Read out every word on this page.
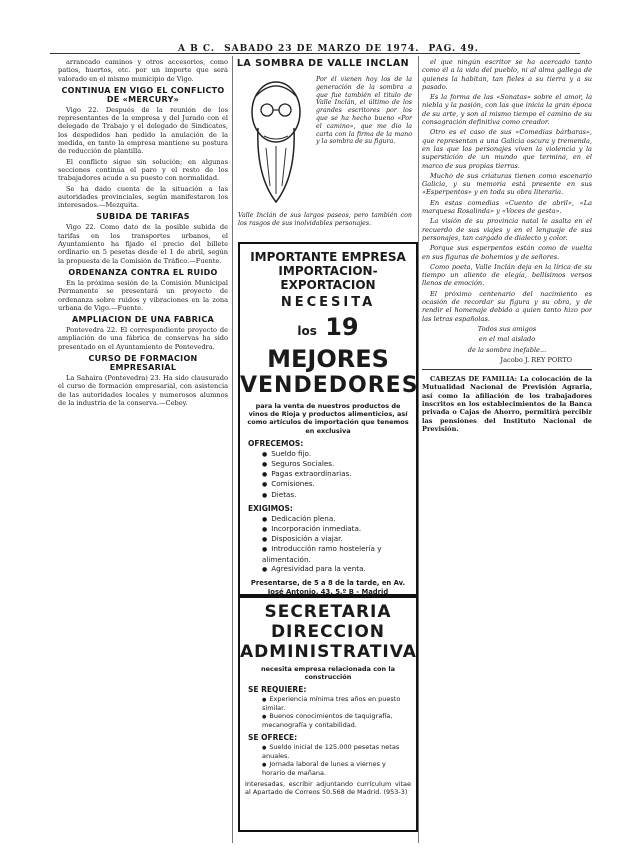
A B C. SABADO 23 DE MARZO DE 1974. PAG. 49.

arrancado caminos y otros accesorios, como patios, huertos, etc. por un importe que será valorado en el mismo municipio de Vigo.

CONTINUA EN VIGO EL CONFLICTO DE «MERCURY»

Vigo 22. Después de la reunión de los representantes de la empresa y del Jurado con el delegado de Trabajo y el delegado de Sindicatos, los despedidos han pedido la anulación de la medida, en tanto la empresa mantiene su postura de reducción de plantilla.

El conflicto sigue sin solución; en algunas secciones continúa el paro y el resto de los trabajadores acude a su puesto con normalidad.

Se ha dado cuenta de la situación a las autoridades provinciales, según manifestaron los interesados.—Mezquita.

SUBIDA DE TARIFAS

Vigo 22. Como dato de la posible subida de tarifas en los transportes urbanos, el Ayuntamiento ha fijado el precio del billete ordinario en 5 pesetas desde el 1 de abril, según la propuesta de la Comisión de Tráfico.—Fuente.

ORDENANZA CONTRA EL RUIDO

En la próxima sesión de la Comisión Municipal Permanente se presentará un proyecto de ordenanza sobre ruidos y vibraciones en la zona urbana de Vigo.—Fuente.

AMPLIACION DE UNA FABRICA

Pontevedra 22. El correspondiente proyecto de ampliación de una fábrica de conservas ha sido presentado en el Ayuntamiento de Pontevedra.

CURSO DE FORMACION EMPRESARIAL

La Sahaira (Pontevedra) 23. Ha sido clausurado el curso de formación empresarial, con asistencia de las autoridades locales y numerosos alumnos de la industria de la conserva.—Cebey.

LA SOMBRA DE VALLE INCLAN
Por él vienen hoy los de la generación de la sombra a que fue también el titulo de Valle Inclán, el último de los grandes escritores por los que se ha hecho bueno «Por el camino», que me dio la carta con la firma de la mano y la sombra de su figura.
Valle Inclán de sus largos paseos, pero también con los rasgos de sus inolvidables personajes.
IMPORTANTE EMPRESA
IMPORTACION-EXPORTACION
NECESITA
los 19 MEJORES
VENDEDORES
para la venta de nuestros productos de vinos de Rioja y productos alimenticios, así como artículos de importación que tenemos en exclusiva
OFRECEMOS:
● Sueldo fijo.
● Seguros Sociales.
● Pagas extraordinarias.
● Comisiones.
● Dietas.
EXIGIMOS:
● Dedicación plena.
● Incorporación inmediata.
● Disposición a viajar.
● Introducción ramo hostelería y alimentación.
● Agresividad para la venta.
Presentarse, de 5 a 8 de la tarde, en Av. José Antonio, 43, 5.º B - Madrid
SECRETARIA
DIRECCION
ADMINISTRATIVA
necesita empresa relacionada con la construcción
SE REQUIERE:
● Experiencia mínima tres años en puesto similar.
● Buenos conocimientos de taquigrafía, mecanografía y contabilidad.
SE OFRECE:
● Sueldo inicial de 125.000 pesetas netas anuales.
● Jornada laboral de lunes a viernes y horario de mañana.
Interesadas, escribir adjuntando currículum vitae al Apartado de Correos 50.568 de Madrid. (953-3)

el que ningún escritor se ha acercado tanto como él a la vida del pueblo, ni al alma gallega de quienes la habitan, tan fieles a su tierra y a su pasado.

Es la forma de las «Sonatas» sobre el amor, la niebla y la pasión, con las que inicia la gran época de su arte, y son al mismo tiempo el camino de su consagración definitiva como creador.

Otro es el caso de sus «Comedias bárbaras», que representan a una Galicia oscura y tremenda, en las que los personajes viven la violencia y la superstición de un mundo que termina, en el marco de sus propias tierras.

Mucho de sus criaturas tienen como escenario Galicia, y su memoria está presente en sus «Esperpentos» y en toda su obra literaria.

En estas comedias «Cuento de abril», «La marquesa Rosalinda» y «Voces de gesta».

La visión de su provincia natal le asalta en el recuerdo de sus viajes y en el lenguaje de sus personajes, tan cargado de dialecto y color.

Porque sus esperpentos están como de vuelta en sus figuras de bohemios y de señores.

Como poeta, Valle Inclán deja en la lírica de su tiempo un aliento de elegía, bellísimos versos llenos de emoción.

El próximo centenario del nacimiento es ocasión de recordar su figura y su obra, y de rendir el homenaje debido a quien tanto hizo por las letras españolas.

Todos sus amigos

en el mal aislado

de la sombra inefable...

Jacobo J. REY PORTO

CABEZAS DE FAMILIA: La colocación de la Mutualidad Nacional de Previsión Agraria, así como la afiliación de los trabajadores inscritos en los establecimientos de la Banca privada o Cajas de Ahorro, permitirá percibir las pensiones del Instituto Nacional de Previsión.
